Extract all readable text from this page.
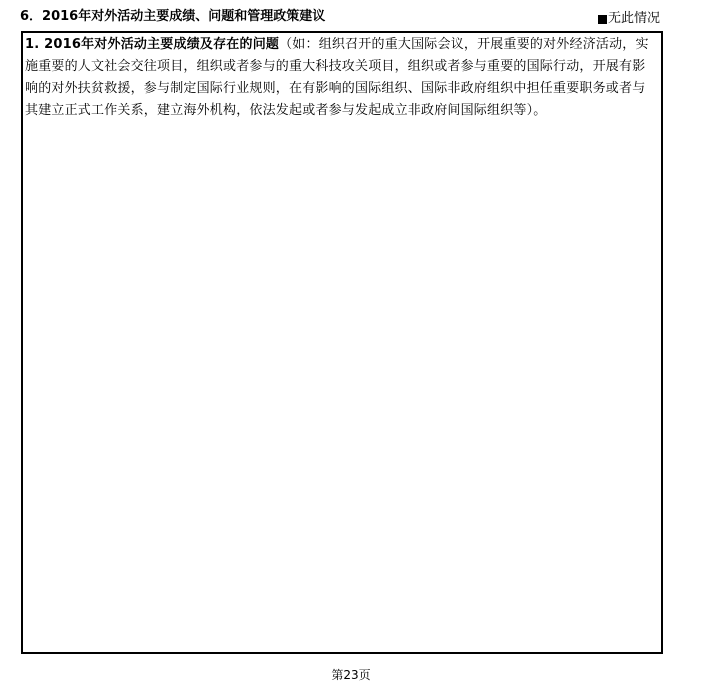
6．2016年对外活动主要成绩、问题和管理政策建议	无此情况
1. 2016年对外活动主要成绩及存在的问题（如：组织召开的重大国际会议，开展重要的对外经济活动，实施重要的人文社会交往项目，组织或者参与的重大科技攻关项目，组织或者参与重要的国际行动，开展有影响的对外扶贫救援，参与制定国际行业规则，在有影响的国际组织、国际非政府组织中担任重要职务或者与其建立正式工作关系，建立海外机构，依法发起或者参与发起成立非政府间国际组织等）。
第23页
